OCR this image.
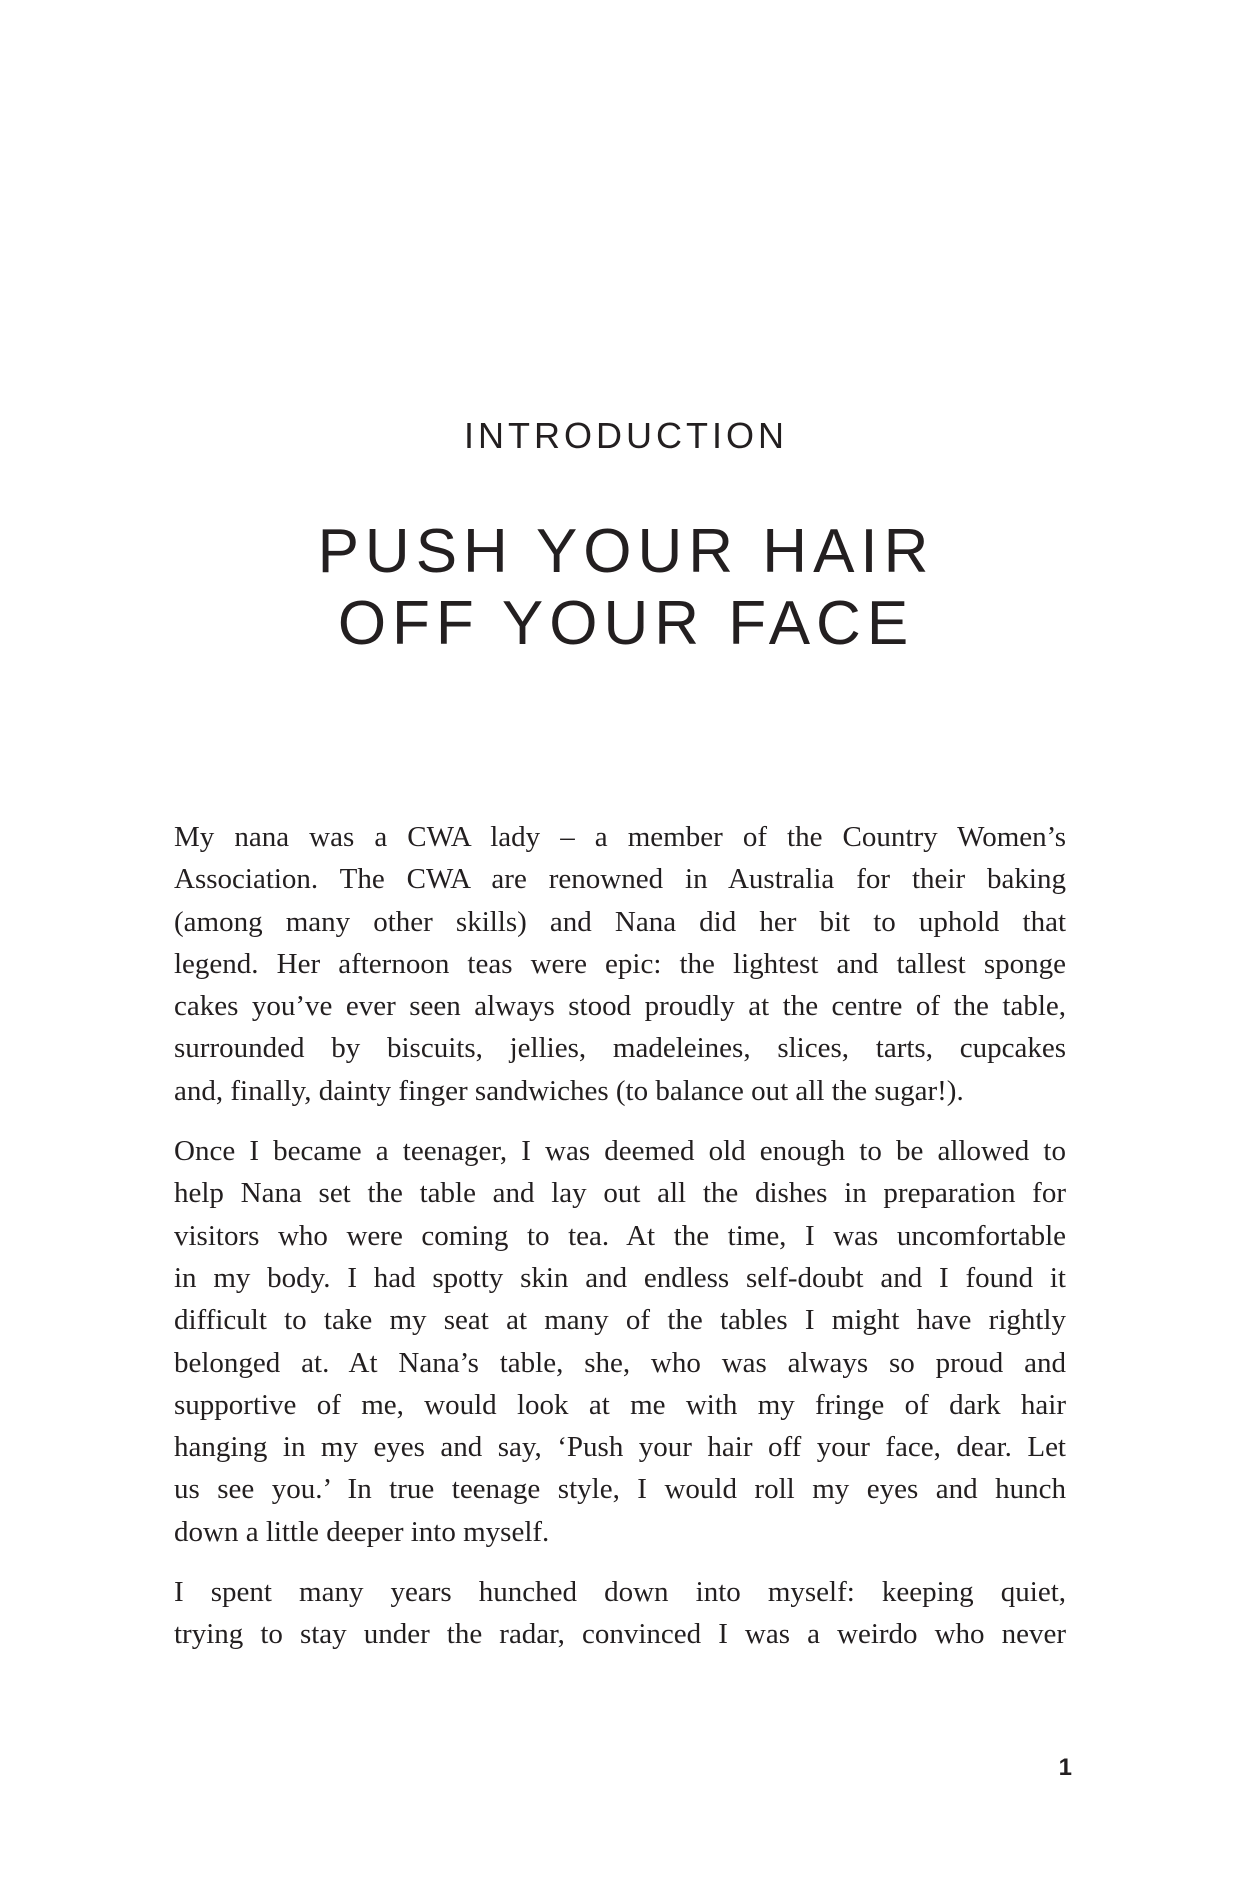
INTRODUCTION
PUSH YOUR HAIR
OFF YOUR FACE

My nana was a CWA lady – a member of the Country Women’s
Association. The CWA are renowned in Australia for their baking
(among many other skills) and Nana did her bit to uphold that
legend. Her afternoon teas were epic: the lightest and tallest sponge
cakes you’ve ever seen always stood proudly at the centre of the table,
surrounded by biscuits, jellies, madeleines, slices, tarts, cupcakes
and, finally, dainty finger sandwiches (to balance out all the sugar!).

Once I became a teenager, I was deemed old enough to be allowed to
help Nana set the table and lay out all the dishes in preparation for
visitors who were coming to tea. At the time, I was uncomfortable
in my body. I had spotty skin and endless self-doubt and I found it
difficult to take my seat at many of the tables I might have rightly
belonged at. At Nana’s table, she, who was always so proud and
supportive of me, would look at me with my fringe of dark hair
hanging in my eyes and say, ‘Push your hair off your face, dear. Let
us see you.’ In true teenage style, I would roll my eyes and hunch
down a little deeper into myself.

I spent many years hunched down into myself: keeping quiet,
trying to stay under the radar, convinced I was a weirdo who never

1
